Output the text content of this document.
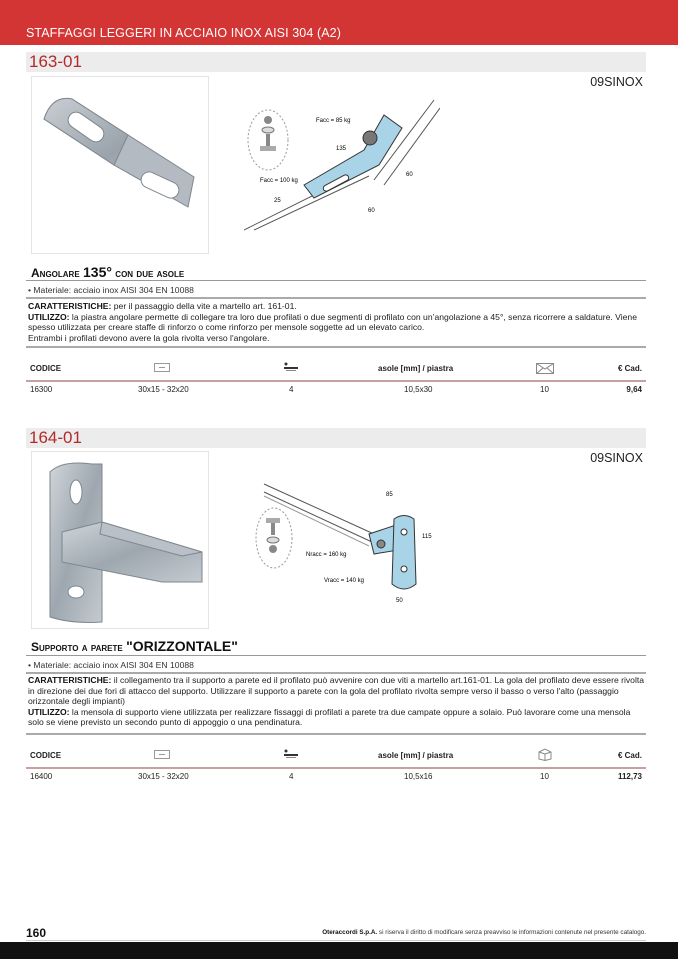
STAFFAGGI LEGGERI IN ACCIAIO INOX AISI 304 (A2)
163-01
09SINOX
Facc = 85 kg
Facc = 100 kg
135
60
60
25
Angolare 135° con due asole
• Materiale: acciaio inox AISI 304 EN 10088
CARATTERISTICHE: per il passaggio della vite a martello art. 161-01.
UTILIZZO: la piastra angolare permette di collegare tra loro due profilati o due segmenti di profilato con un’angolazione a 45°, senza ricorrere a saldature. Viene spesso utilizzata per creare staffe di rinforzo o come rinforzo per mensole soggette ad un elevato carico.
Entrambi i profilati devono avere la gola rivolta verso l'angolare.
CODICE	asole [mm] / piastra	€ Cad.
16300	30x15 - 32x20	4	10,5x30	10	9,64
164-01
09SINOX
Nracc = 160 kg
Vracc = 140 kg
85
115
50
Supporto a parete "ORIZZONTALE"
• Materiale: acciaio inox AISI 304 EN 10088
CARATTERISTICHE: il collegamento tra il supporto a parete ed il profilato può avvenire con due viti a martello art.161-01. La gola del profilato deve essere rivolta in direzione dei due fori di attacco del supporto. Utilizzare il supporto a parete con la gola del profilato rivolta sempre verso il basso o verso l'alto (passaggio orizzontale degli impianti)
UTILIZZO: la mensola di supporto viene utilizzata per realizzare fissaggi di profilati a parete tra due campate oppure a solaio. Può lavorare come una mensola solo se viene previsto un secondo punto di appoggio o una pendinatura.
CODICE	asole [mm] / piastra	€ Cad.
16400	30x15 - 32x20	4	10,5x16	10	112,73
160	Oteraccordi S.p.A. si riserva il diritto di modificare senza preavviso le informazioni contenute nel presente catalogo.
